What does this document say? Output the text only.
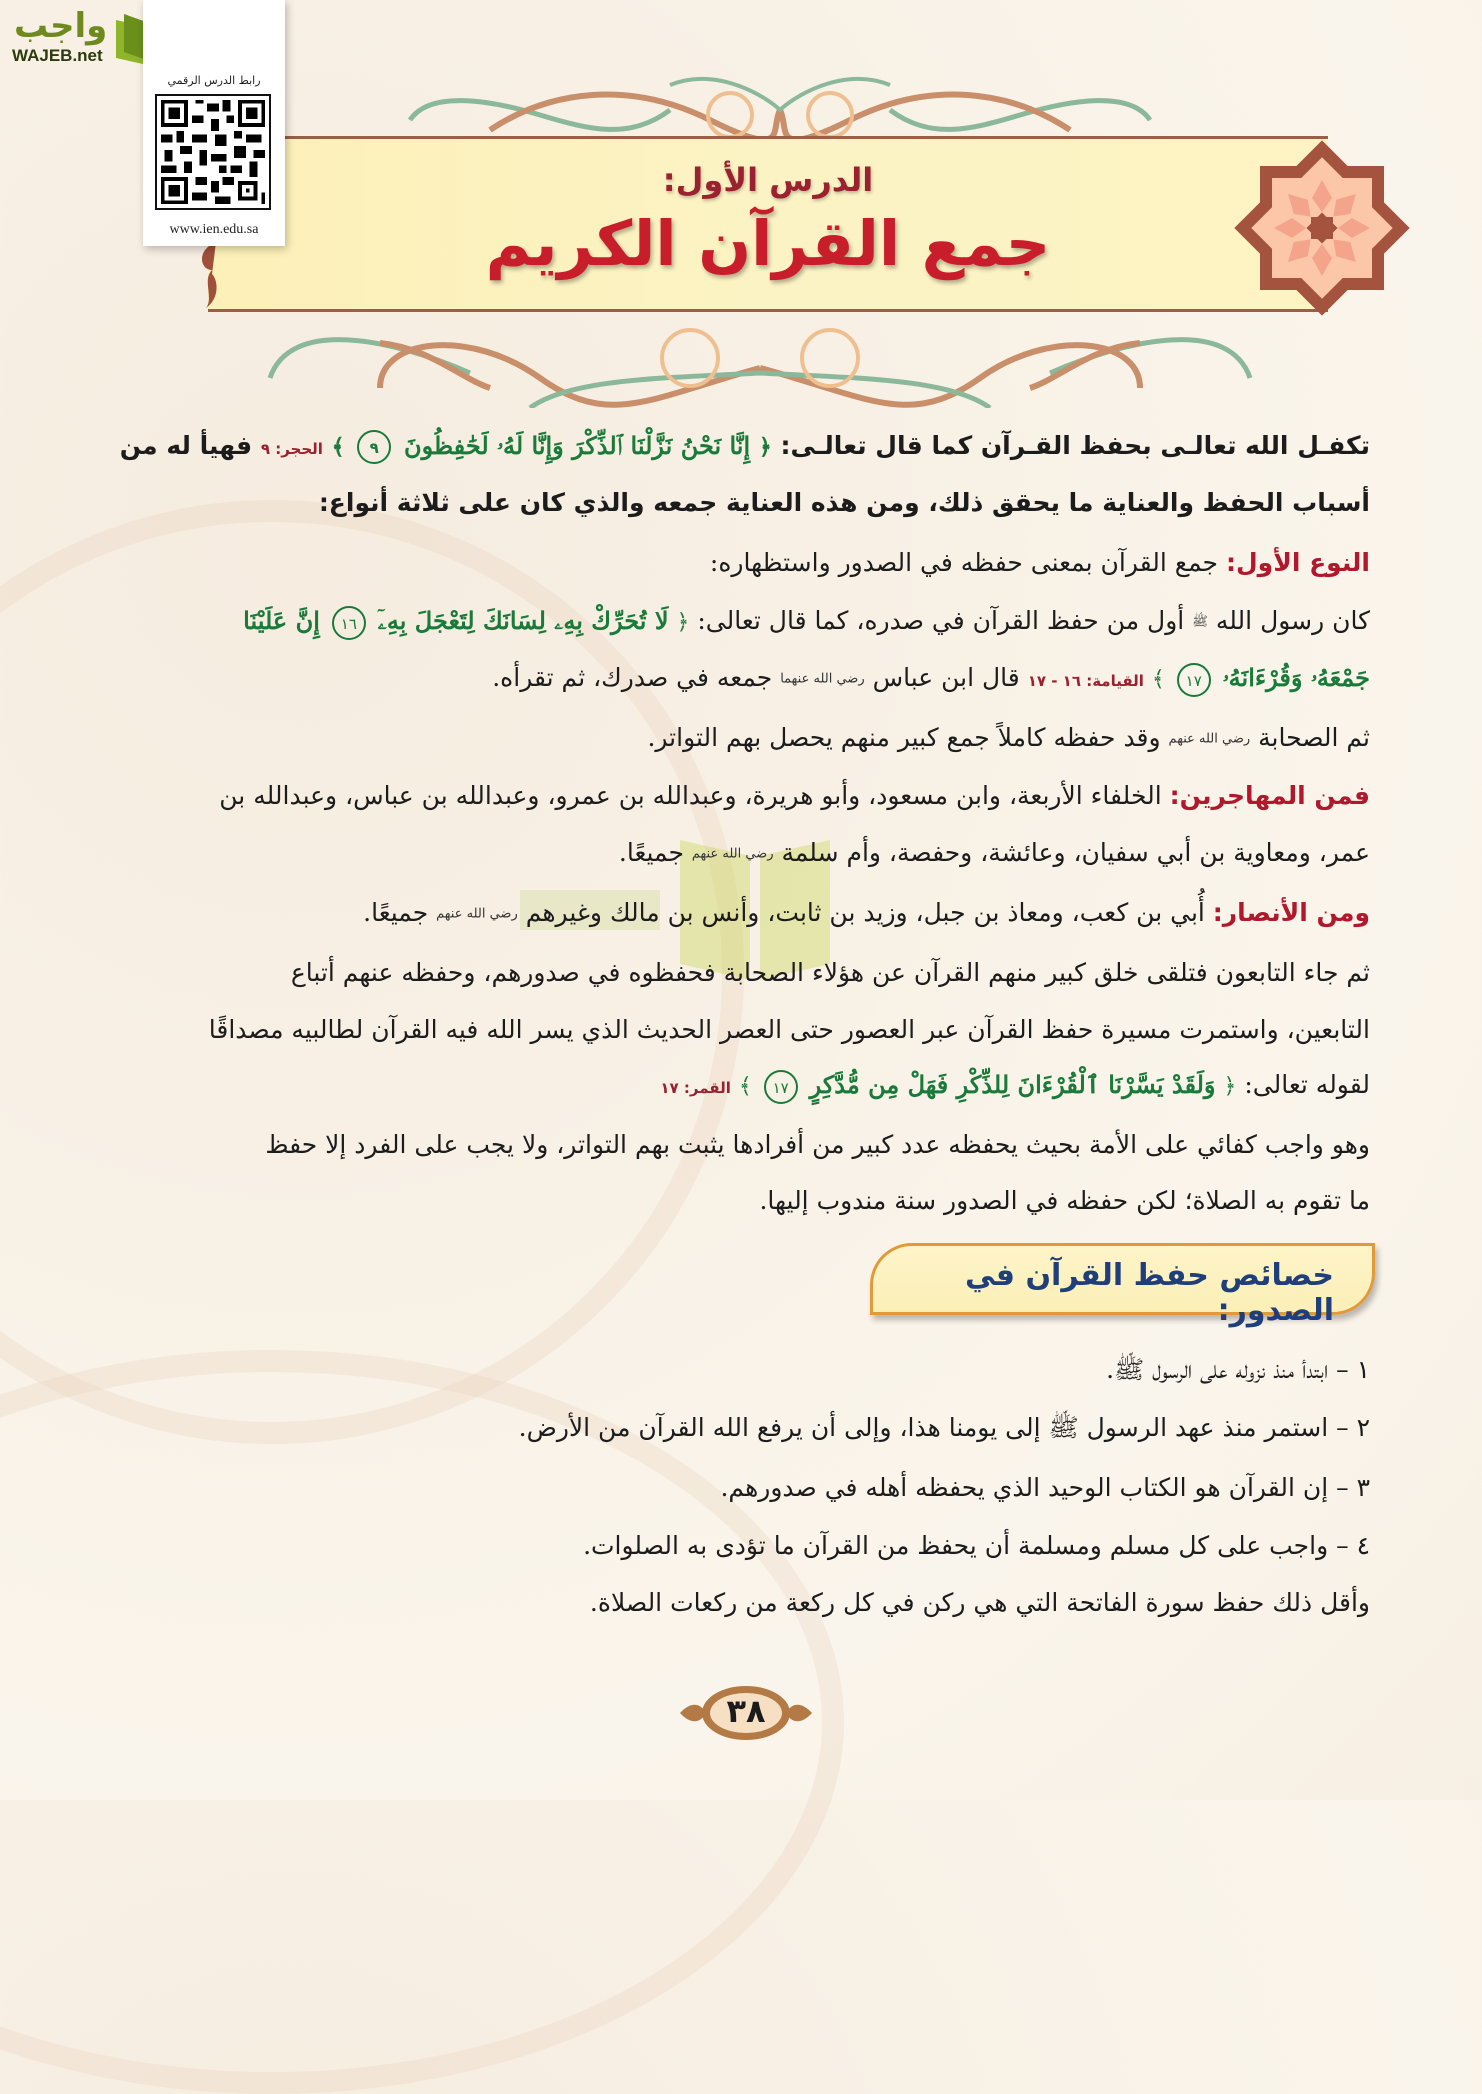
واجب
WAJEB.net
رابط الدرس الرقمي
www.ien.edu.sa
الدرس الأول:
جمع القرآن الكريم
تكفـل الله تعالـى بحفظ القـرآن كما قال تعالـى: ﴿ إِنَّا نَحْنُ نَزَّلْنَا ٱلذِّكْرَ وَإِنَّا لَهُۥ لَحَٰفِظُونَ ٩ ﴾ الحجر: ٩ فهيأ له من
أسباب الحفظ والعناية ما يحقق ذلك، ومن هذه العناية جمعه والذي كان على ثلاثة أنواع:
النوع الأول: جمع القرآن بمعنى حفظه في الصدور واستظهاره:
كان رسول الله ﷺ أول من حفظ القرآن في صدره، كما قال تعالى: ﴿ لَا تُحَرِّكْ بِهِۦ لِسَانَكَ لِتَعْجَلَ بِهِۦٓ ١٦ إِنَّ عَلَيْنَا
جَمْعَهُۥ وَقُرْءَانَهُۥ ١٧ ﴾ القيامة: ١٦ - ١٧ قال ابن عباس رضي الله عنهما جمعه في صدرك، ثم تقرأه.
ثم الصحابة رضي الله عنهم وقد حفظه كاملاً جمع كبير منهم يحصل بهم التواتر.
فمن المهاجرين: الخلفاء الأربعة، وابن مسعود، وأبو هريرة، وعبدالله بن عمرو، وعبدالله بن عباس، وعبدالله بن
عمر، ومعاوية بن أبي سفيان، وعائشة، وحفصة، وأم سلمة رضي الله عنهم جميعًا.
ومن الأنصار: أُبي بن كعب، ومعاذ بن جبل، وزيد بن ثابت، وأنس بن مالك وغيرهم رضي الله عنهم جميعًا.
ثم جاء التابعون فتلقى خلق كبير منهم القرآن عن هؤلاء الصحابة فحفظوه في صدورهم، وحفظه عنهم أتباع
التابعين، واستمرت مسيرة حفظ القرآن عبر العصور حتى العصر الحديث الذي يسر الله فيه القرآن لطالبيه مصداقًا
لقوله تعالى: ﴿ وَلَقَدْ يَسَّرْنَا ٱلْقُرْءَانَ لِلذِّكْرِ فَهَلْ مِن مُّدَّكِرٍ ١٧ ﴾ القمر: ١٧
وهو واجب كفائي على الأمة بحيث يحفظه عدد كبير من أفرادها يثبت بهم التواتر، ولا يجب على الفرد إلا حفظ
ما تقوم به الصلاة؛ لكن حفظه في الصدور سنة مندوب إليها.
خصائص حفظ القرآن في الصدور:
١ – ابتدأ منذ نزوله على الرسول ﷺ.
٢ – استمر منذ عهد الرسول ﷺ إلى يومنا هذا، وإلى أن يرفع الله القرآن من الأرض.
٣ – إن القرآن هو الكتاب الوحيد الذي يحفظه أهله في صدورهم.
٤ – واجب على كل مسلم ومسلمة أن يحفظ من القرآن ما تؤدى به الصلوات.
وأقل ذلك حفظ سورة الفاتحة التي هي ركن في كل ركعة من ركعات الصلاة.
٣٨
